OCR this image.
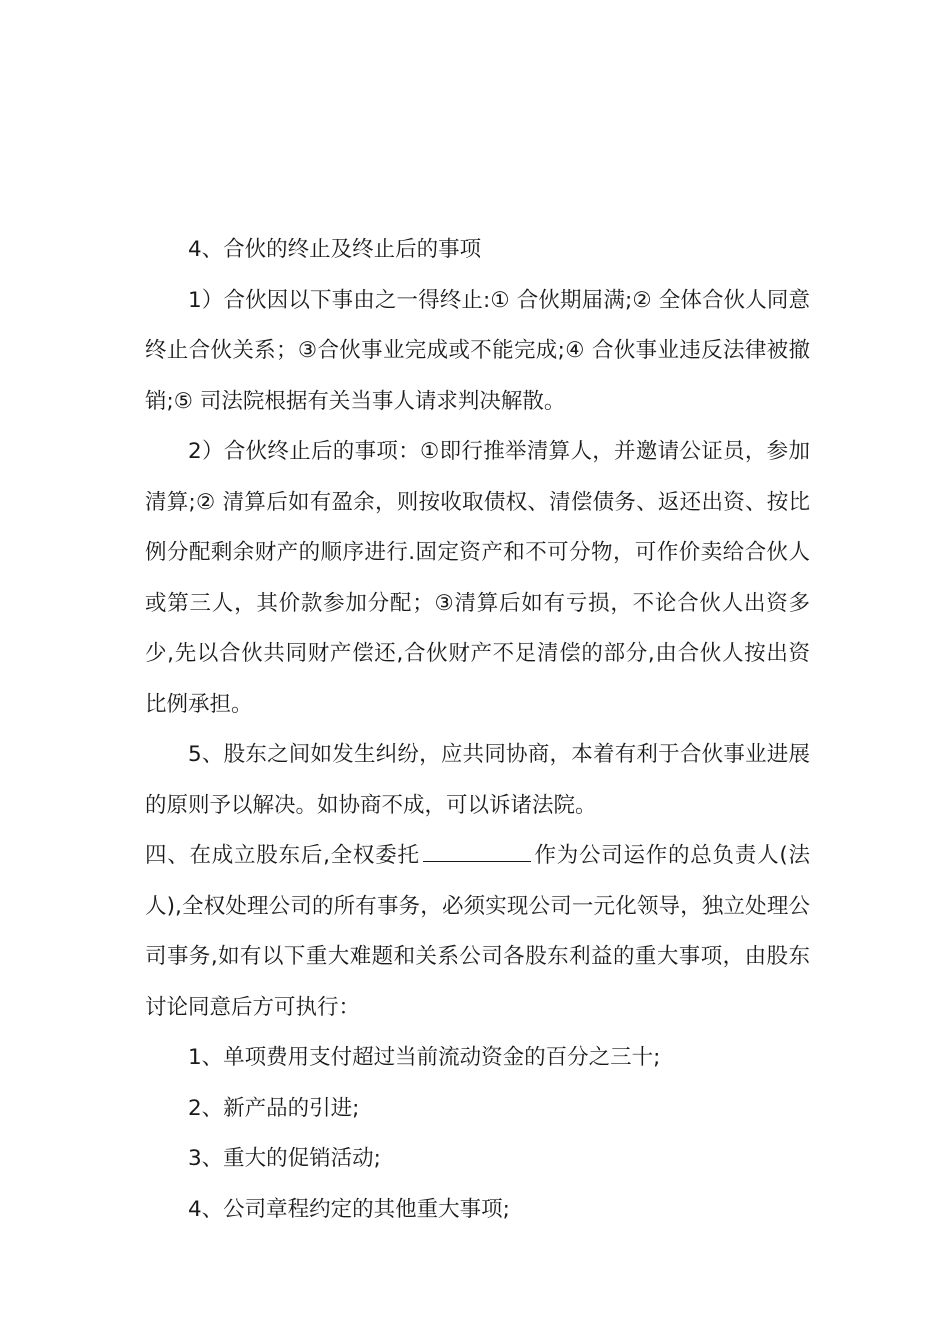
4、合伙的终止及终止后的事项

1）合伙因以下事由之一得终止:① 合伙期届满;② 全体合伙人同意终止合伙关系；③合伙事业完成或不能完成;④ 合伙事业违反法律被撤销;⑤ 司法院根据有关当事人请求判决解散。

2）合伙终止后的事项：①即行推举清算人，并邀请公证员，参加清算;② 清算后如有盈余，则按收取债权、清偿债务、返还出资、按比例分配剩余财产的顺序进行.固定资产和不可分物，可作价卖给合伙人或第三人，其价款参加分配；③清算后如有亏损，不论合伙人出资多少,先以合伙共同财产偿还,合伙财产不足清偿的部分,由合伙人按出资比例承担。

5、股东之间如发生纠纷，应共同协商，本着有利于合伙事业进展的原则予以解决。如协商不成，可以诉诸法院。

四、在成立股东后,全权委托	作为公司运作的总负责人(法人),全权处理公司的所有事务，必须实现公司一元化领导，独立处理公司事务,如有以下重大难题和关系公司各股东利益的重大事项，由股东讨论同意后方可执行：

1、单项费用支付超过当前流动资金的百分之三十;

2、新产品的引进;

3、重大的促销活动;

4、公司章程约定的其他重大事项;
